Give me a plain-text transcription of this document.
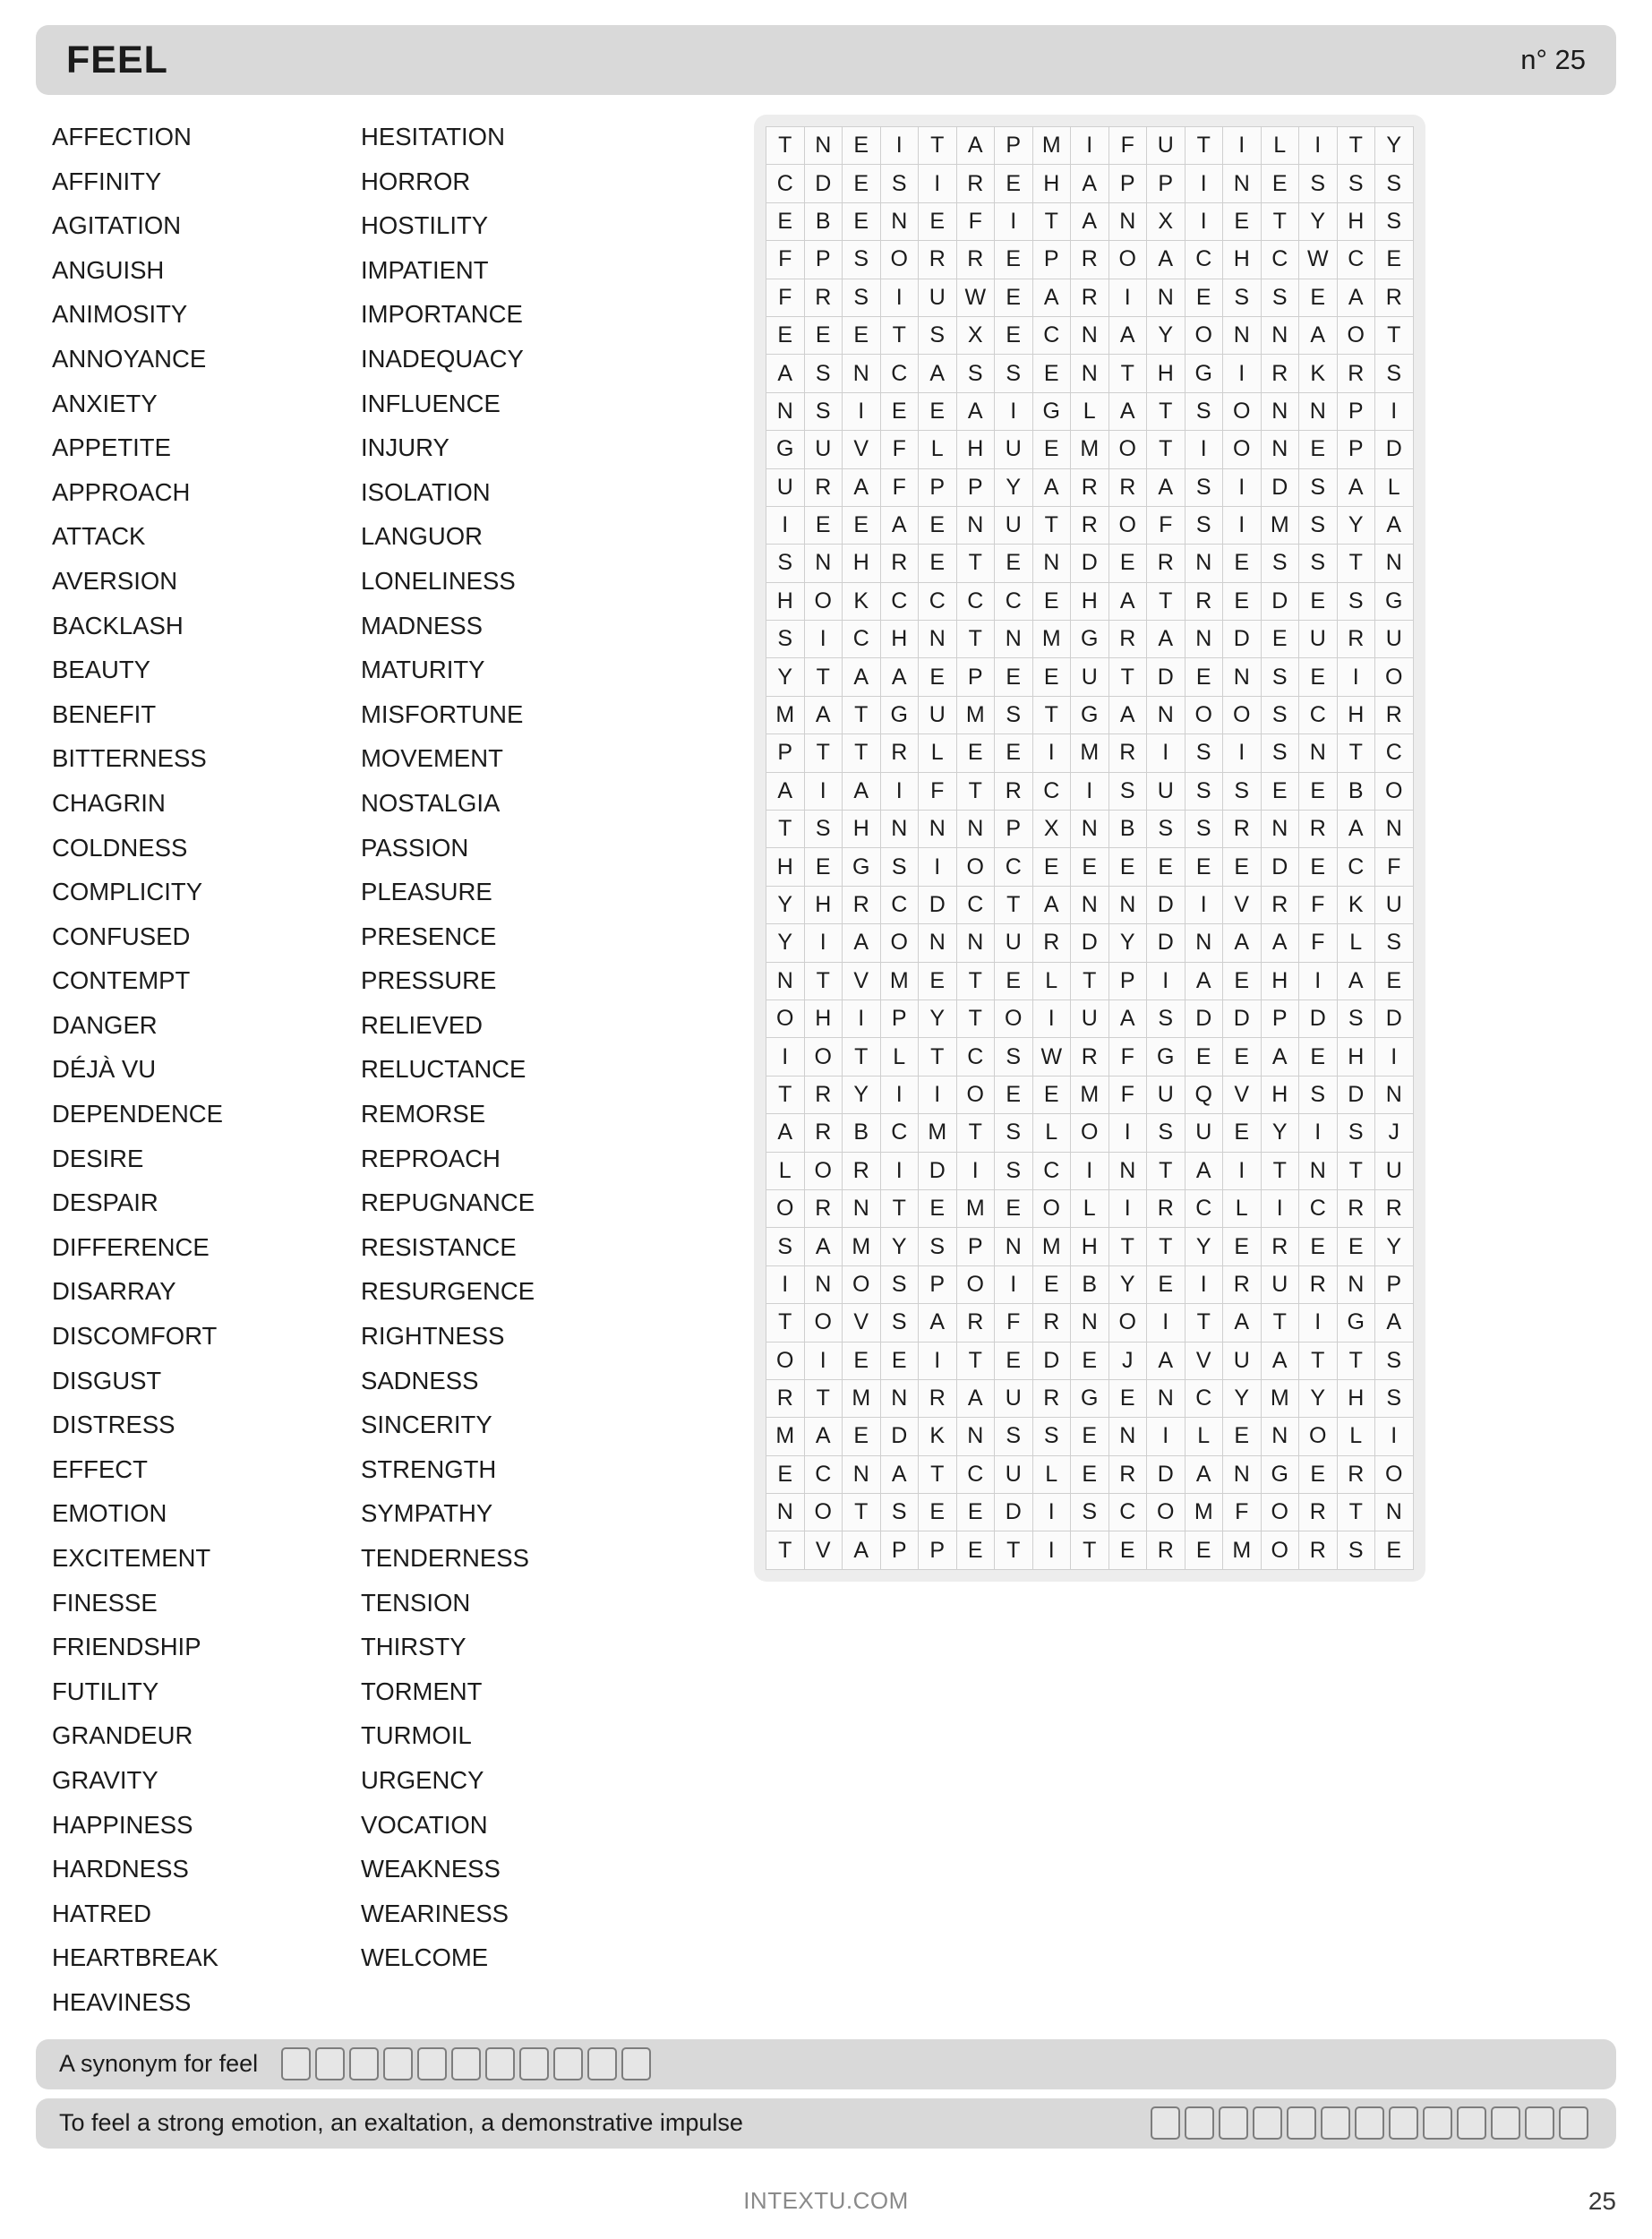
FEEL	n° 25
AFFECTION
AFFINITY
AGITATION
ANGUISH
ANIMOSITY
ANNOYANCE
ANXIETY
APPETITE
APPROACH
ATTACK
AVERSION
BACKLASH
BEAUTY
BENEFIT
BITTERNESS
CHAGRIN
COLDNESS
COMPLICITY
CONFUSED
CONTEMPT
DANGER
DÉJÀ VU
DEPENDENCE
DESIRE
DESPAIR
DIFFERENCE
DISARRAY
DISCOMFORT
DISGUST
DISTRESS
EFFECT
EMOTION
EXCITEMENT
FINESSE
FRIENDSHIP
FUTILITY
GRANDEUR
GRAVITY
HAPPINESS
HARDNESS
HATRED
HEARTBREAK
HEAVINESS
HESITATION
HORROR
HOSTILITY
IMPATIENT
IMPORTANCE
INADEQUACY
INFLUENCE
INJURY
ISOLATION
LANGUOR
LONELINESS
MADNESS
MATURITY
MISFORTUNE
MOVEMENT
NOSTALGIA
PASSION
PLEASURE
PRESENCE
PRESSURE
RELIEVED
RELUCTANCE
REMORSE
REPROACH
REPUGNANCE
RESISTANCE
RESURGENCE
RIGHTNESS
SADNESS
SINCERITY
STRENGTH
SYMPATHY
TENDERNESS
TENSION
THIRSTY
TORMENT
TURMOIL
URGENCY
VOCATION
WEAKNESS
WEARINESS
WELCOME
T	N	E	I	T	A	P	M	I	F	U	T	I	L	I	T	Y
C	D	E	S	I	R	E	H	A	P	P	I	N	E	S	S	S
E	B	E	N	E	F	I	T	A	N	X	I	E	T	Y	H	S
F	P	S	O	R	R	E	P	R	O	A	C	H	C	W	C	E
F	R	S	I	U	W	E	A	R	I	N	E	S	S	E	A	R
E	E	E	T	S	X	E	C	N	A	Y	O	N	N	A	O	T
A	S	N	C	A	S	S	E	N	T	H	G	I	R	K	R	S
N	S	I	E	E	A	I	G	L	A	T	S	O	N	N	P	I
G	U	V	F	L	H	U	E	M	O	T	I	O	N	E	P	D
U	R	A	F	P	P	Y	A	R	R	A	S	I	D	S	A	L
I	E	E	A	E	N	U	T	R	O	F	S	I	M	S	Y	A
S	N	H	R	E	T	E	N	D	E	R	N	E	S	S	T	N
H	O	K	C	C	C	C	E	H	A	T	R	E	D	E	S	G
S	I	C	H	N	T	N	M	G	R	A	N	D	E	U	R	U
Y	T	A	A	E	P	E	E	U	T	D	E	N	S	E	I	O
M	A	T	G	U	M	S	T	G	A	N	O	O	S	C	H	R
P	T	T	R	L	E	E	I	M	R	I	S	I	S	N	T	C
A	I	A	I	F	T	R	C	I	S	U	S	S	E	E	B	O
T	S	H	N	N	N	P	X	N	B	S	S	R	N	R	A	N
H	E	G	S	I	O	C	E	E	E	E	E	E	D	E	C	F
Y	H	R	C	D	C	T	A	N	N	D	I	V	R	F	K	U
Y	I	A	O	N	N	U	R	D	Y	D	N	A	A	F	L	S
N	T	V	M	E	T	E	L	T	P	I	A	E	H	I	A	E
O	H	I	P	Y	T	O	I	U	A	S	D	D	P	D	S	D
I	O	T	L	T	C	S	W	R	F	G	E	E	A	E	H	I
T	R	Y	I	I	O	E	E	M	F	U	Q	V	H	S	D	N
A	R	B	C	M	T	S	L	O	I	S	U	E	Y	I	S	J
L	O	R	I	D	I	S	C	I	N	T	A	I	T	N	T	U
O	R	N	T	E	M	E	O	L	I	R	C	L	I	C	R	R
S	A	M	Y	S	P	N	M	H	T	T	Y	E	R	E	E	Y
I	N	O	S	P	O	I	E	B	Y	E	I	R	U	R	N	P
T	O	V	S	A	R	F	R	N	O	I	T	A	T	I	G	A
O	I	E	E	I	T	E	D	E	J	A	V	U	A	T	T	S
R	T	M	N	R	A	U	R	G	E	N	C	Y	M	Y	H	S
M	A	E	D	K	N	S	S	E	N	I	L	E	N	O	L	I
E	C	N	A	T	C	U	L	E	R	D	A	N	G	E	R	O
N	O	T	S	E	E	D	I	S	C	O	M	F	O	R	T	N
T	V	A	P	P	E	T	I	T	E	R	E	M	O	R	S	E
A synonym for feel
To feel a strong emotion, an exaltation, a demonstrative impulse
INTEXTU.COM	25
